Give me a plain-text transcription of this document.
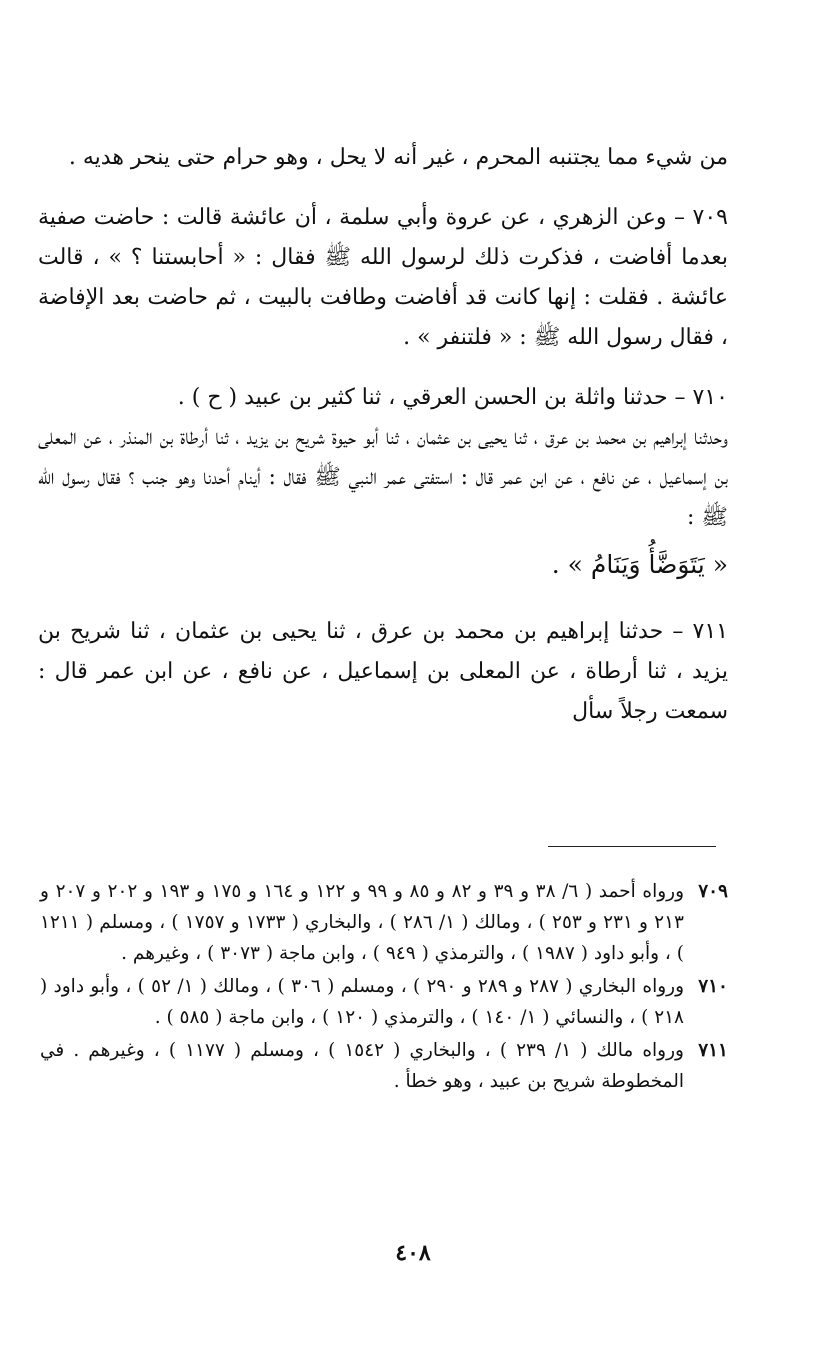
من شيء مما يجتنبه المحرم ، غير أنه لا يحل ، وهو حرام حتى ينحر هديه .

٧٠٩ – وعن الزهري ، عن عروة وأبي سلمة ، أن عائشة قالت : حاضت صفية بعدما أفاضت ، فذكرت ذلك لرسول الله ﷺ فقال : « أحابستنا ؟ » ، قالت عائشة . فقلت : إنها كانت قد أفاضت وطافت بالبيت ، ثم حاضت بعد الإفاضة ، فقال رسول الله ﷺ : « فلتنفر » .

٧١٠ – حدثنا واثلة بن الحسن العرقي ، ثنا كثير بن عبيد ( ح ) .

وحدثنا إبراهيم بن محمد بن عرق ، ثنا يحيى بن عثمان ، ثنا أبو حيوة شريح بن يزيد ، ثنا أرطاة بن المنذر ، عن المعلى بن إسماعيل ، عن نافع ، عن ابن عمر قال : استفتى عمر النبي ﷺ فقال : أينام أحدنا وهو جنب ؟ فقال رسول الله ﷺ :

« يَتَوَضَّأُ وَيَنَامُ » .

٧١١ – حدثنا إبراهيم بن محمد بن عرق ، ثنا يحيى بن عثمان ، ثنا شريح بن يزيد ، ثنا أرطاة ، عن المعلى بن إسماعيل ، عن نافع ، عن ابن عمر قال : سمعت رجلاً سأل

٧٠٩
ورواه أحمد ( ٦/ ٣٨ و ٣٩ و ٨٢ و ٨٥ و ٩٩ و ١٢٢ و ١٦٤ و ١٧٥ و ١٩٣ و ٢٠٢ و ٢٠٧ و ٢١٣ و ٢٣١ و ٢٥٣ ) ، ومالك ( ١/ ٢٨٦ ) ، والبخاري ( ١٧٣٣ و ١٧٥٧ ) ، ومسلم ( ١٢١١ ) ، وأبو داود ( ١٩٨٧ ) ، والترمذي ( ٩٤٩ ) ، وابن ماجة ( ٣٠٧٣ ) ، وغيرهم .
٧١٠
ورواه البخاري ( ٢٨٧ و ٢٨٩ و ٢٩٠ ) ، ومسلم ( ٣٠٦ ) ، ومالك ( ١/ ٥٢ ) ، وأبو داود ( ٢١٨ ) ، والنسائي ( ١/ ١٤٠ ) ، والترمذي ( ١٢٠ ) ، وابن ماجة ( ٥٨٥ ) .
٧١١
ورواه مالك ( ١/ ٢٣٩ ) ، والبخاري ( ١٥٤٢ ) ، ومسلم ( ١١٧٧ ) ، وغيرهم . في المخطوطة شريح بن عبيد ، وهو خطأ .
٤٠٨
